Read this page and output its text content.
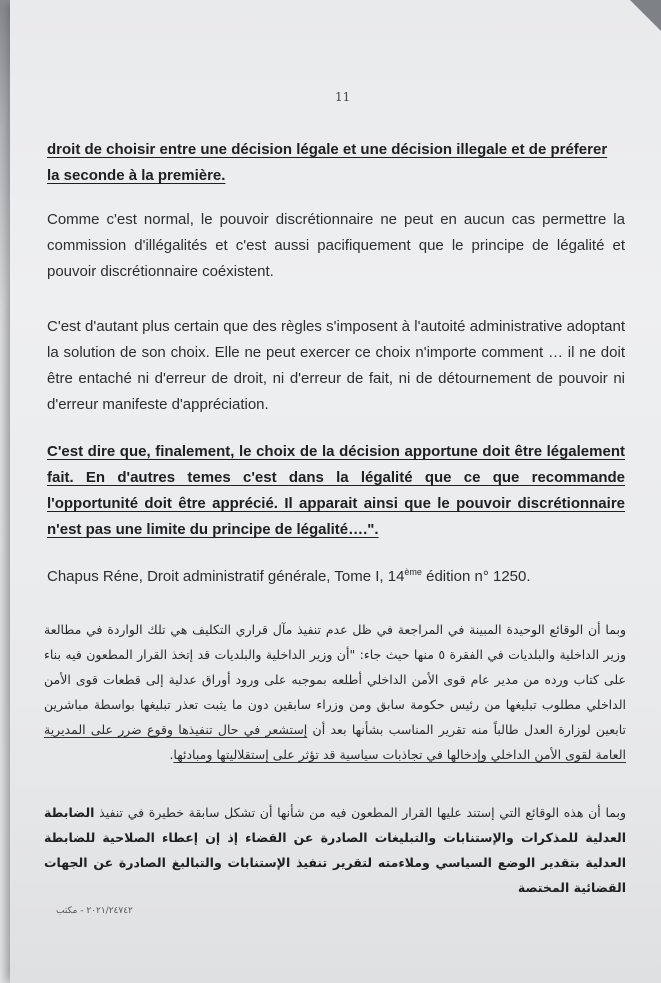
11

droit de choisir entre une décision légale et une décision illegale et de préferer
la seconde à la première.

Comme c'est normal, le pouvoir discrétionnaire ne peut en aucun cas permettre la commission d'illégalités et c'est aussi pacifiquement que le principe de légalité et pouvoir discrétionnaire coéxistent.

C'est d'autant plus certain que des règles s'imposent à l'autoité administrative adoptant la solution de son choix. Elle ne peut exercer ce choix n'importe comment … il ne doit être entaché ni d'erreur de droit, ni d'erreur de fait, ni de détournement de pouvoir ni d'erreur manifeste d'appréciation.

C'est dire que, finalement, le choix de la décision apportune doit être légalement fait. En d'autres temes c'est dans la légalité que ce que recommande l'opportunité doit être apprécié. Il apparait ainsi que le pouvoir discrétionnaire n'est pas une limite du principe de légalité….".

Chapus Réne, Droit administratif générale, Tome I, 14ème édition n° 1250.

وبما أن الوقائع الوحيدة المبينة في المراجعة في ظل عدم تنفيذ مآل قراري التكليف هي تلك الواردة في مطالعة وزير الداخلية والبلديات في الفقرة ٥ منها حيث جاء: "أن وزير الداخلية والبلديات قد إتخذ القرار المطعون فيه بناء على كتاب ورده من مدير عام قوى الأمن الداخلي أطلعه بموجبه على ورود أوراق عدلية إلى قطعات قوى الأمن الداخلي مطلوب تبليغها من رئيس حكومة سابق ومن وزراء سابقين دون ما يثبت تعذر تبليغها بواسطة مباشرين تابعين لوزارة العدل طالباً منه تقرير المناسب بشأنها بعد أن إستشعر في حال تنفيذها وقوع ضرر على المديرية العامة لقوى الأمن الداخلي وإدخالها في تجاذبات سياسية قد تؤثر على إستقلاليتها ومبادئها.

وبما أن هذه الوقائع التي إستند عليها القرار المطعون فيه من شأنها أن تشكل سابقة خطيرة في تنفيذ الضابطة العدلية للمذكرات والإستنابات والتبليغات الصادرة عن القضاء إذ إن إعطاء الصلاحية للضابطة العدلية بتقدير الوضع السياسي وملاءمته لتقرير تنفيذ الإستنابات والتبالبغ الصادرة عن الجهات القضائية المختصة

٢٠٢١/٢٤٧٤٢ - مكتب
